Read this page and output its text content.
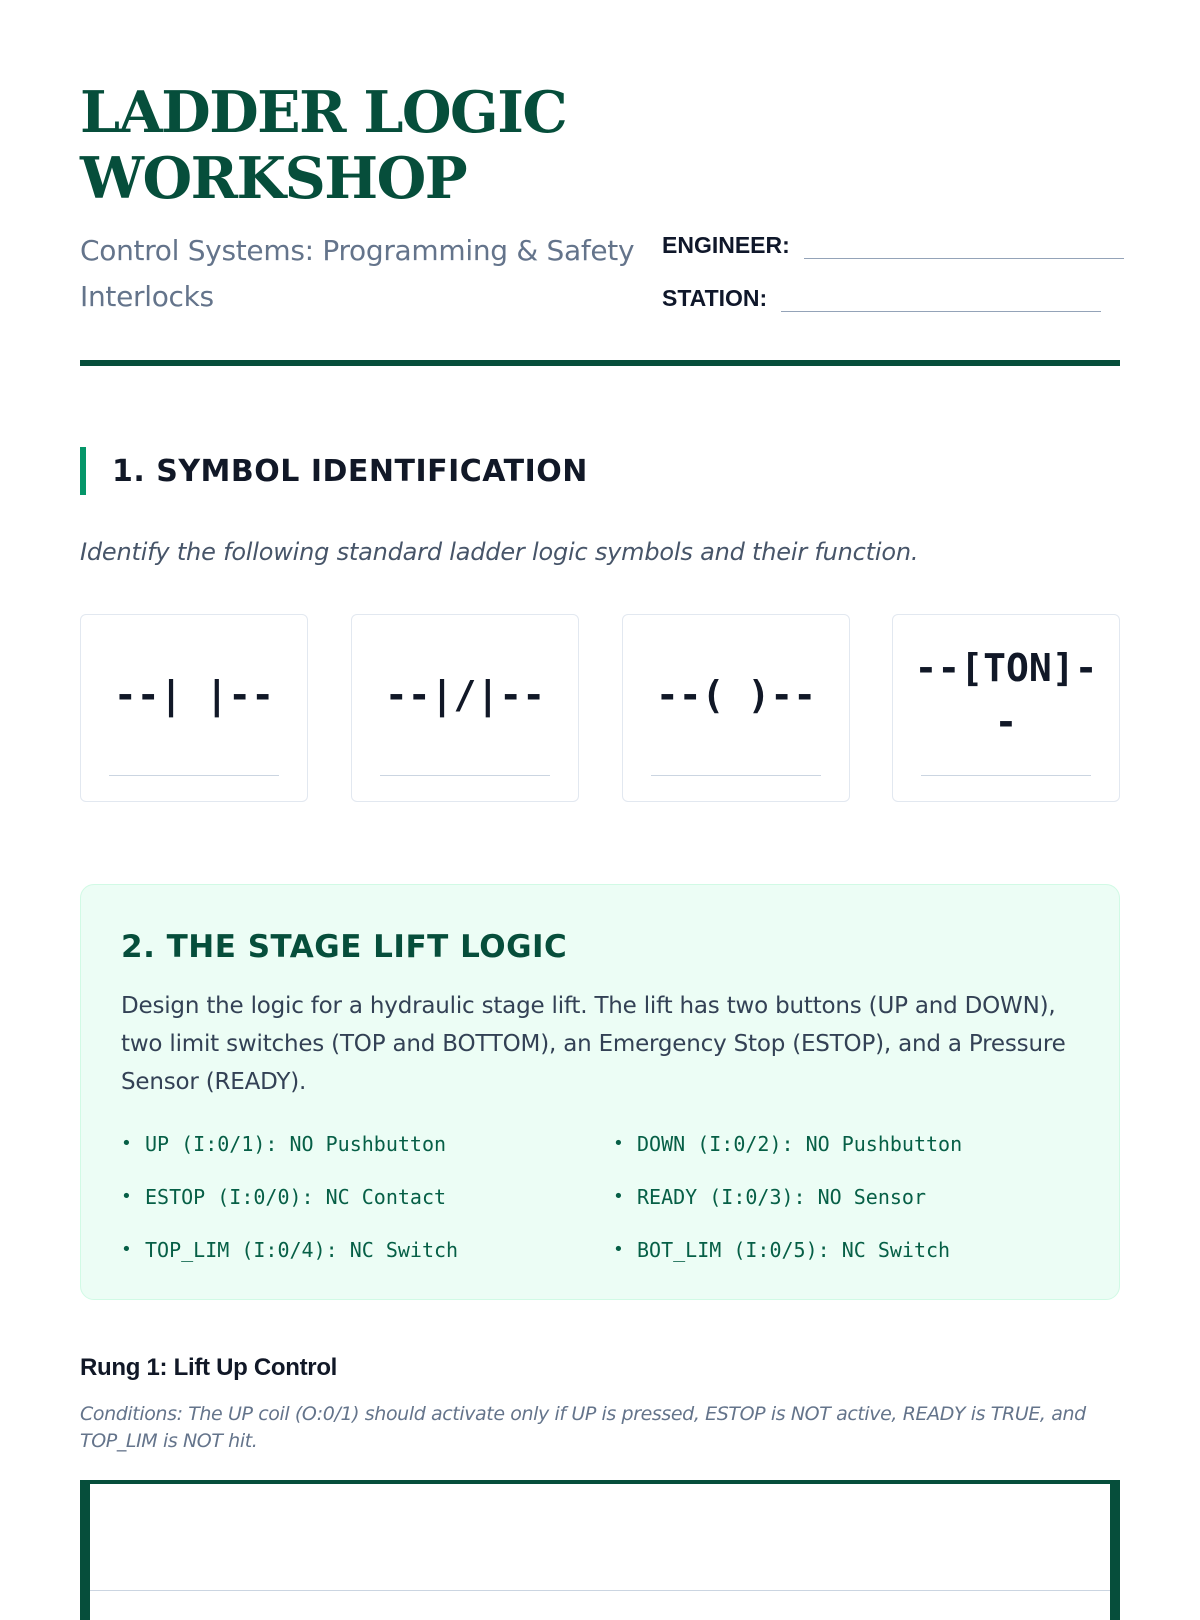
LADDER LOGIC WORKSHOP
Control Systems: Programming & Safety Interlocks
ENGINEER:
STATION:
1. SYMBOL IDENTIFICATION
Identify the following standard ladder logic symbols and their function.
--| |--	--|/|--	--( )--
--[TON]--
2. THE STAGE LIFT LOGIC
Design the logic for a hydraulic stage lift. The lift has two buttons (UP and DOWN), two limit switches (TOP and BOTTOM), an Emergency Stop (ESTOP), and a Pressure Sensor (READY).
• UP (I:0/1): NO Pushbutton	• DOWN (I:0/2): NO Pushbutton
• ESTOP (I:0/0): NC Contact	• READY (I:0/3): NO Sensor
• TOP_LIM (I:0/4): NC Switch	• BOT_LIM (I:0/5): NC Switch
Rung 1: Lift Up Control
Conditions: The UP coil (O:0/1) should activate only if UP is pressed, ESTOP is NOT active, READY is TRUE, and TOP_LIM is NOT hit.
